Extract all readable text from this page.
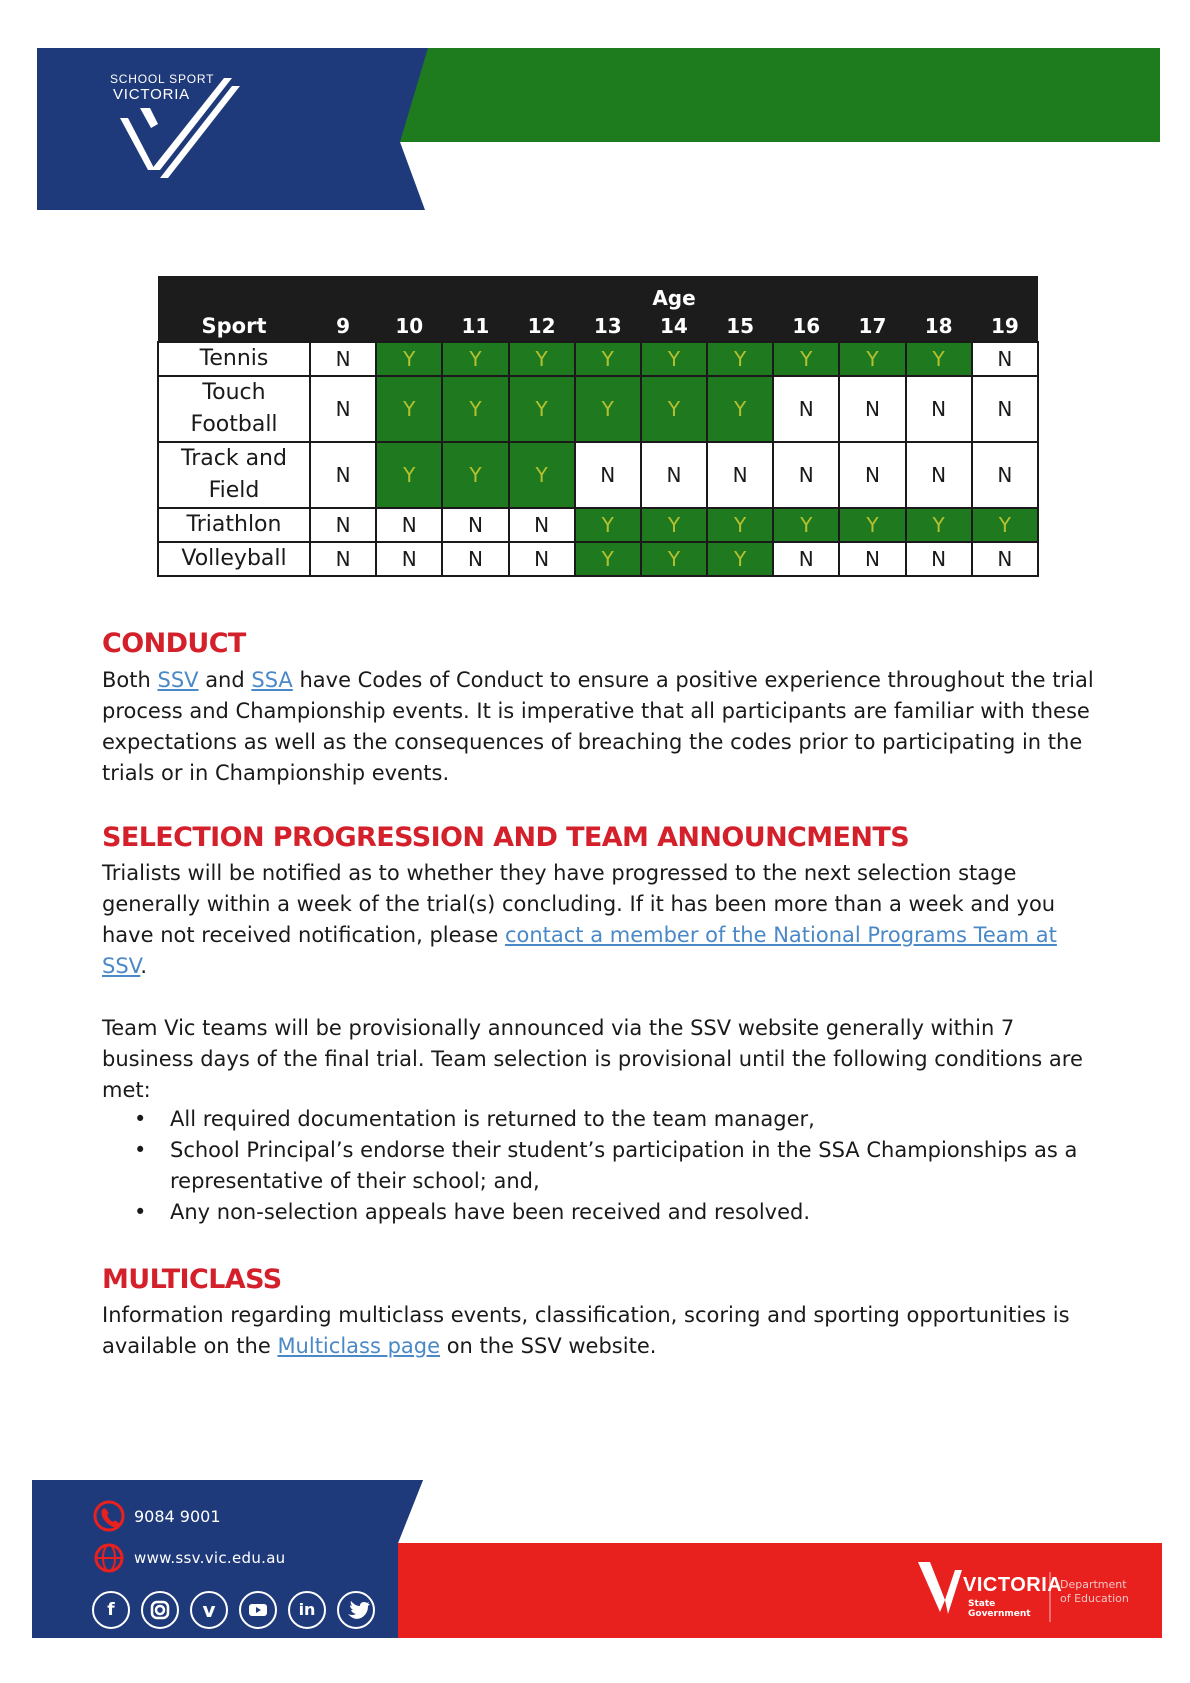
SCHOOL SPORT
VICTORIA
	Age										
Sport	9	10	11	12	13	14	15	16	17	18	19
Tennis	N	Y	Y	Y	Y	Y	Y	Y	Y	Y	N
Touch
Football	N	Y	Y	Y	Y	Y	Y	N	N	N	N
Track and
Field	N	Y	Y	Y	N	N	N	N	N	N	N
Triathlon	N	N	N	N	Y	Y	Y	Y	Y	Y	Y
Volleyball	N	N	N	N	Y	Y	Y	N	N	N	N
CONDUCT

Both SSV and SSA have Codes of Conduct to ensure a positive experience throughout the trial process and Championship events. It is imperative that all participants are familiar with these expectations as well as the consequences of breaching the codes prior to participating in the trials or in Championship events.

SELECTION PROGRESSION AND TEAM ANNOUNCMENTS

Trialists will be notified as to whether they have progressed to the next selection stage generally within a week of the trial(s) concluding. If it has been more than a week and you have not received notification, please contact a member of the National Programs Team at SSV.

Team Vic teams will be provisionally announced via the SSV website generally within 7 business days of the final trial. Team selection is provisional until the following conditions are met:

• All required documentation is returned to the team manager,
• School Principal’s endorse their student’s participation in the SSA Championships as a representative of their school; and,
• Any non-selection appeals have been received and resolved.
MULTICLASS

Information regarding multiclass events, classification, scoring and sporting opportunities is available on the Multiclass page on the SSV website.

9084 9001
www.ssv.vic.edu.au
f	v	in
VICTORIA
State
Government
Department
of Education
